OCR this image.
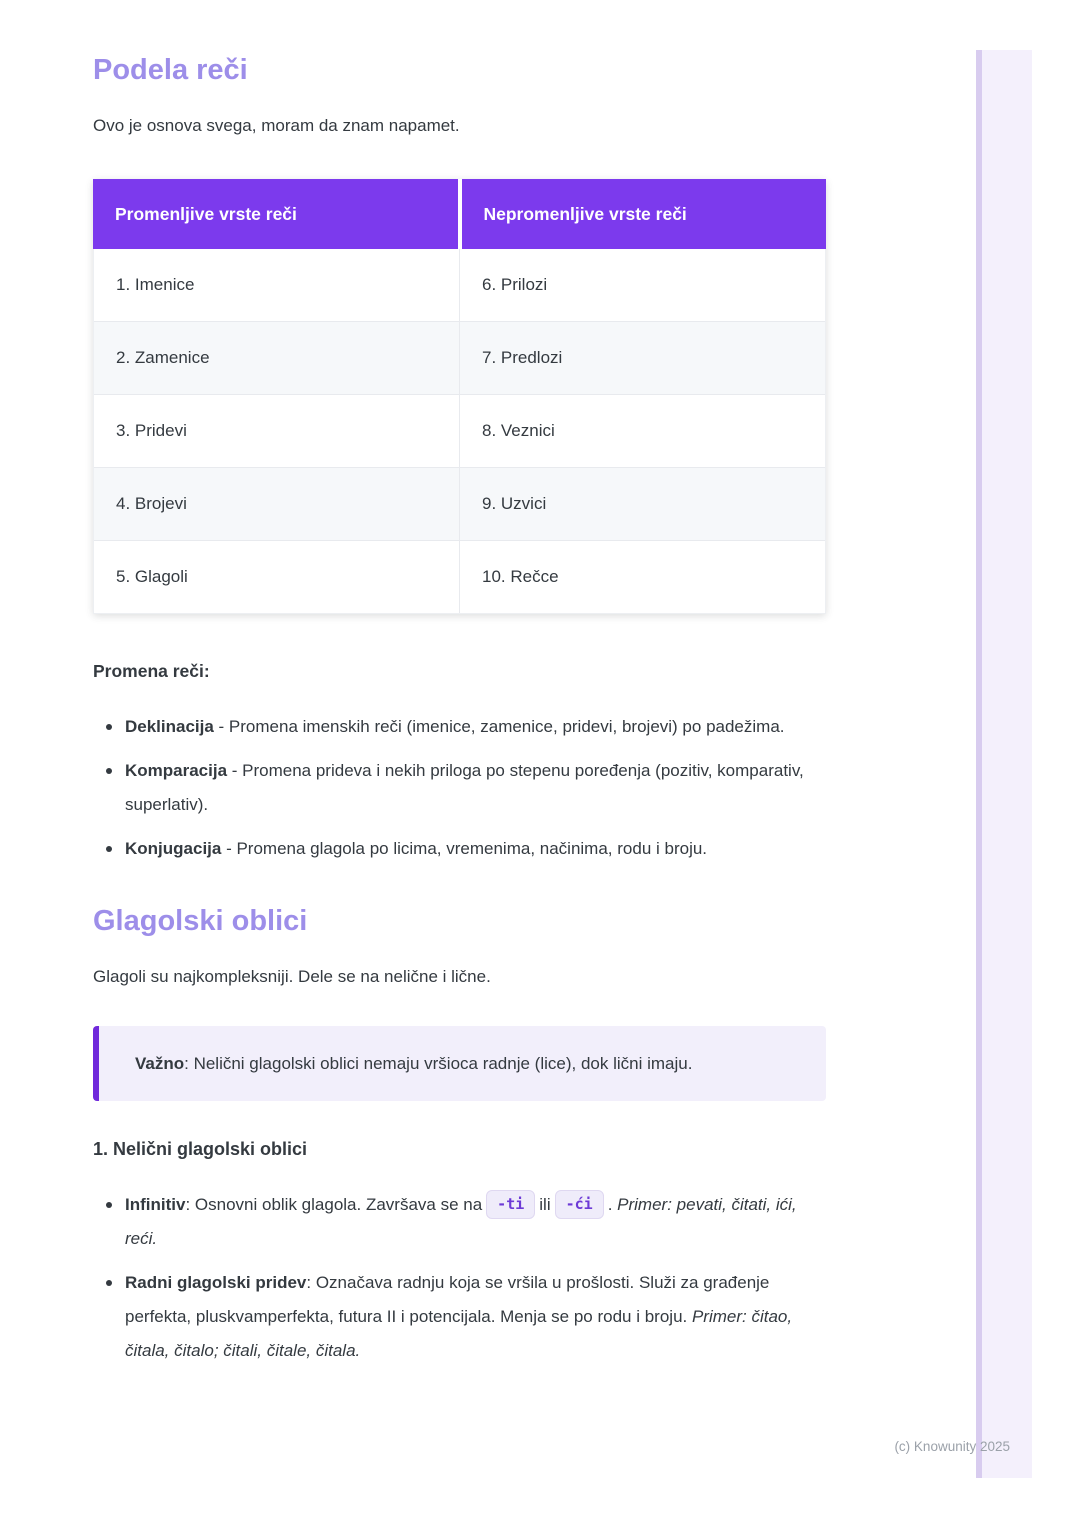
Podela reči

Ovo je osnova svega, moram da znam napamet.

Promenljive vrste reči	Nepromenljive vrste reči
1. Imenice	6. Prilozi
2. Zamenice	7. Predlozi
3. Pridevi	8. Veznici
4. Brojevi	9. Uzvici
5. Glagoli	10. Rečce

Promena reči:

Deklinacija - Promena imenskih reči (imenice, zamenice, pridevi, brojevi) po padežima.
Komparacija - Promena prideva i nekih priloga po stepenu poređenja (pozitiv, komparativ, superlativ).
Konjugacija - Promena glagola po licima, vremenima, načinima, rodu i broju.
Glagolski oblici

Glagoli su najkompleksniji. Dele se na nelične i lične.

Važno: Nelični glagolski oblici nemaju vršioca radnje (lice), dok lični imaju.

1. Nelični glagolski oblici

Infinitiv: Osnovni oblik glagola. Završava se na -ti ili -ći . Primer: pevati, čitati, ići, reći.
Radni glagolski pridev: Označava radnju koja se vršila u prošlosti. Služi za građenje perfekta, pluskvamperfekta, futura II i potencijala. Menja se po rodu i broju. Primer: čitao, čitala, čitalo; čitali, čitale, čitala.
(c) Knowunity 2025
